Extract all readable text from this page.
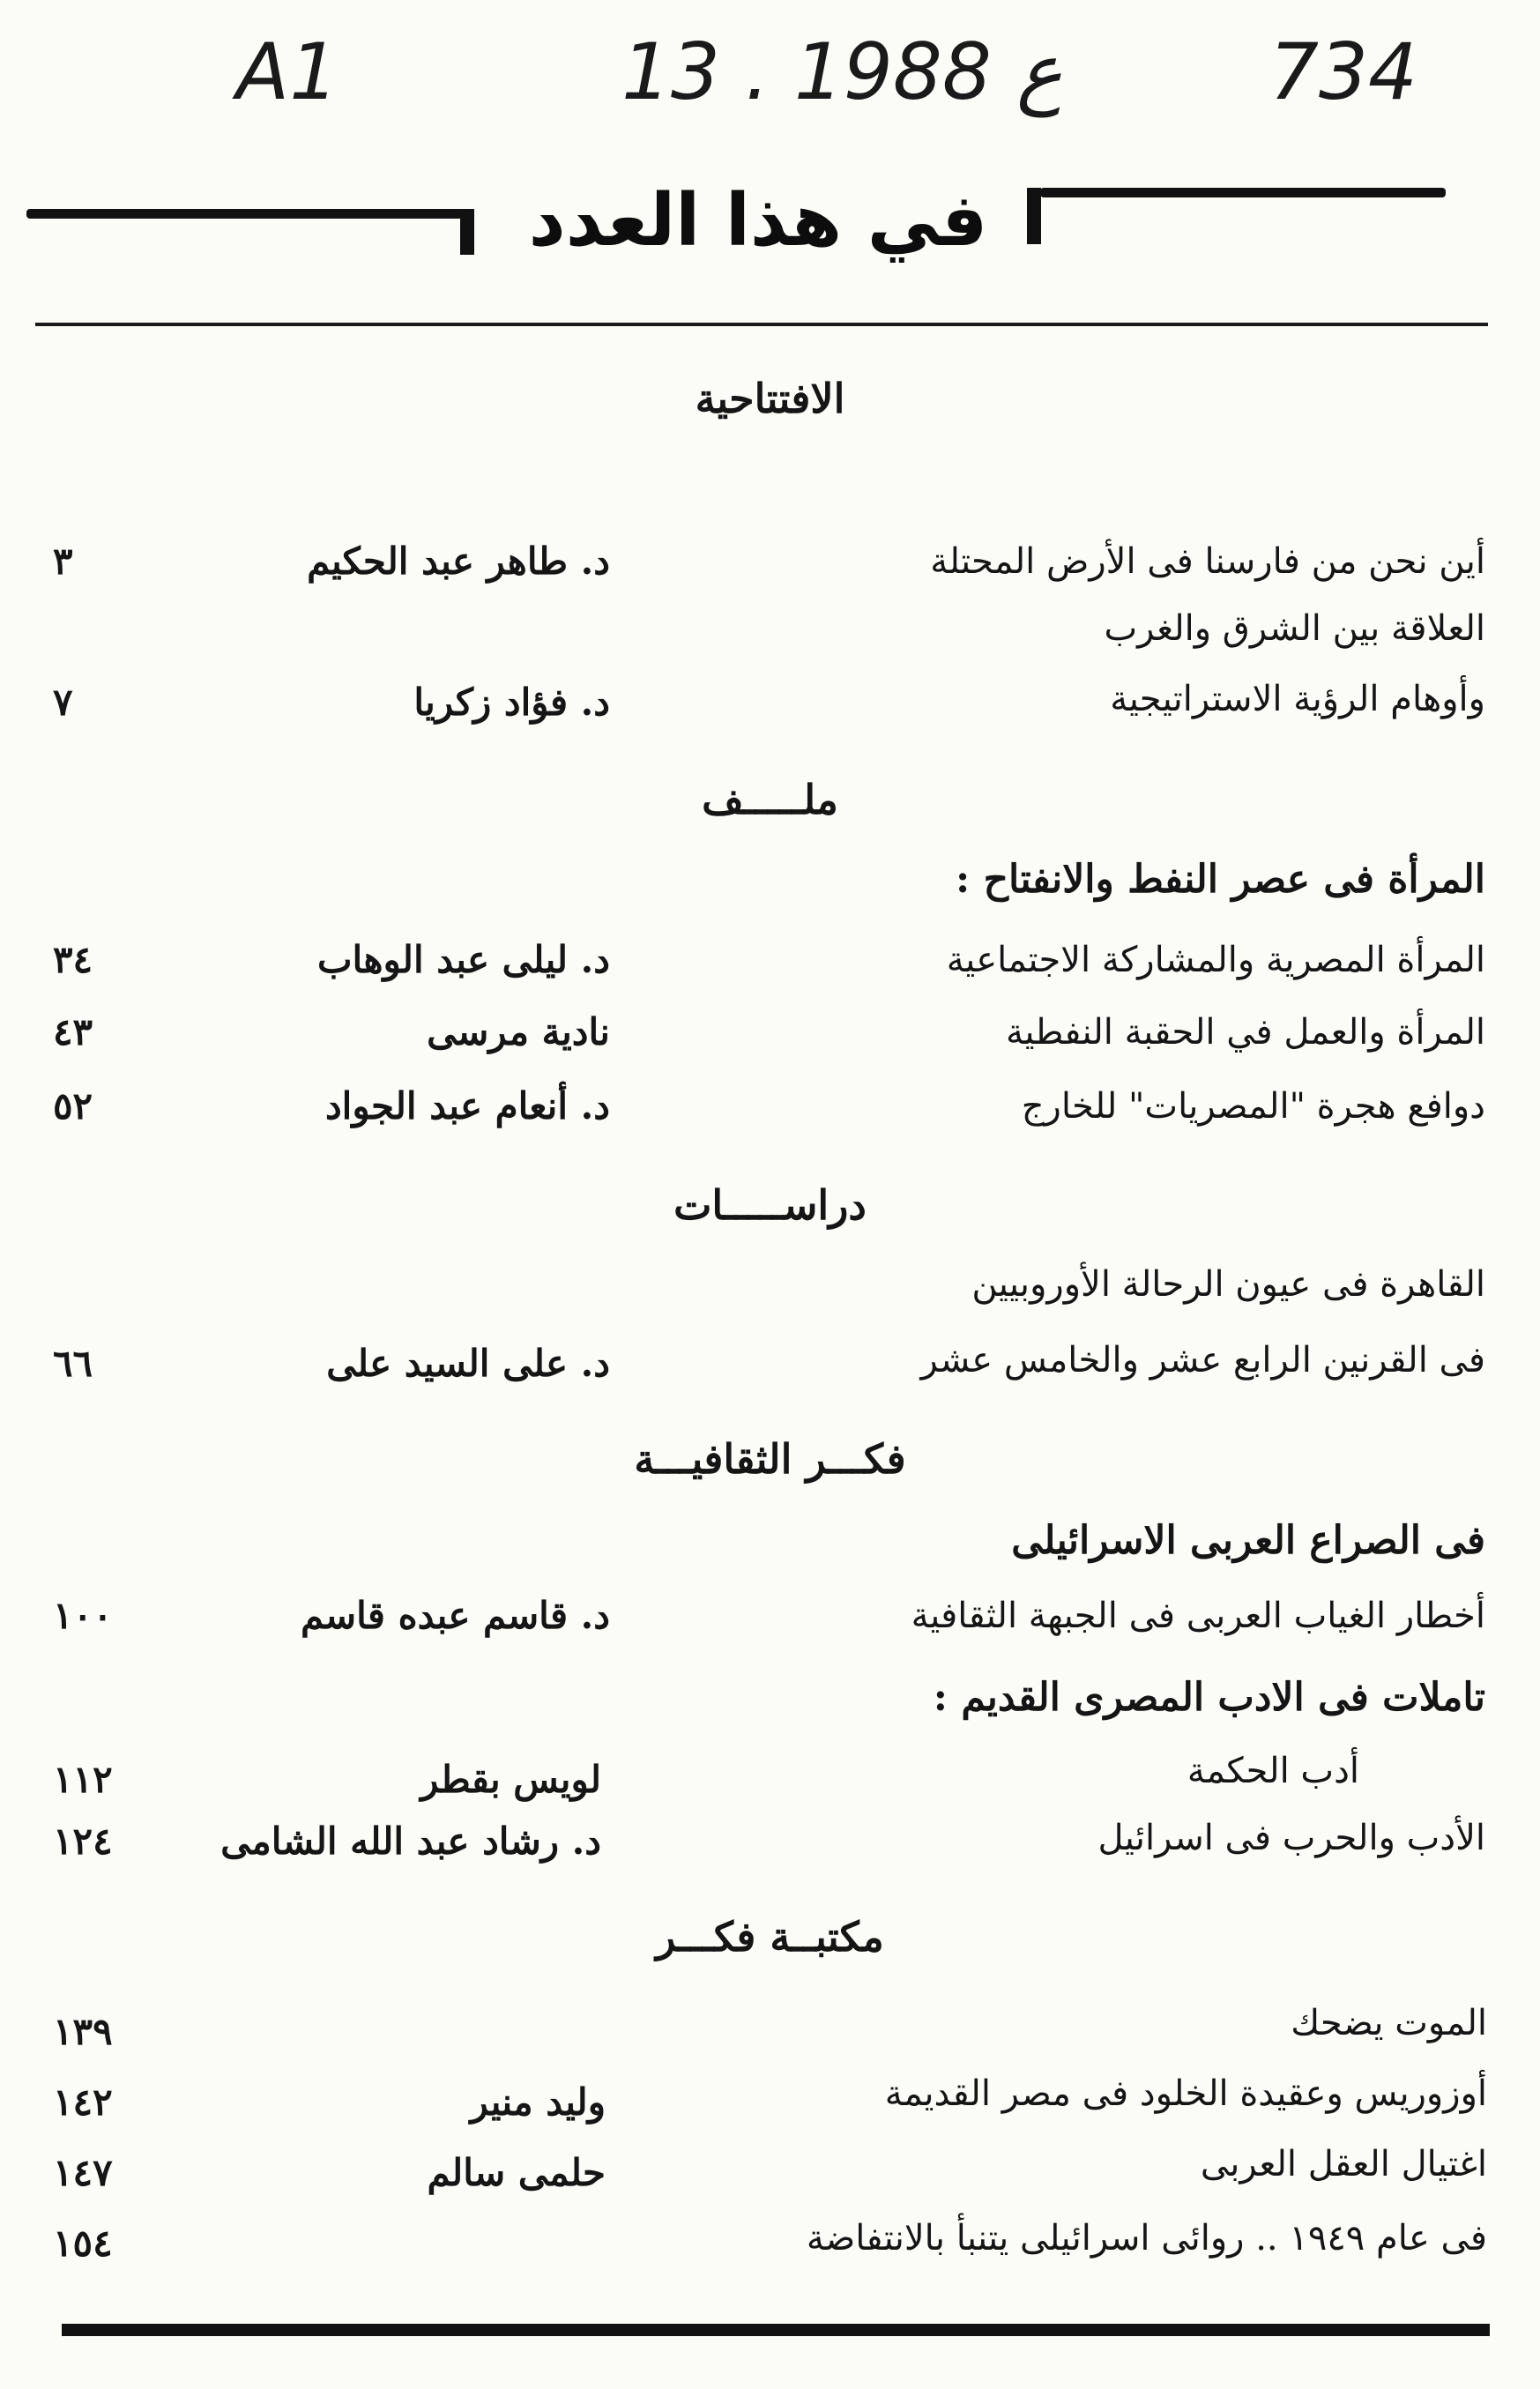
A1	13 . ع 1988	734
في هذا العدد
الافتتاحية
أين نحن من فارسنا فى الأرض المحتلة
د. طاهر عبد الحكيم
٣
العلاقة بين الشرق والغرب
وأوهام الرؤية الاستراتيجية
د. فؤاد زكريا
٧
ملـــــف
المرأة فى عصر النفط والانفتاح :
المرأة المصرية والمشاركة الاجتماعية
د. ليلى عبد الوهاب
٣٤
المرأة والعمل في الحقبة النفطية
نادية مرسى
٤٣
دوافع هجرة "المصريات" للخارج
د. أنعام عبد الجواد
٥٢
دراســـــات
القاهرة فى عيون الرحالة الأوروبيين
فى القرنين الرابع عشر والخامس عشر
د. على السيد على
٦٦
فكـــر الثقافيـــة
فى الصراع العربى الاسرائيلى
أخطار الغياب العربى فى الجبهة الثقافية
د. قاسم عبده قاسم
١٠٠
تاملات فى الادب المصرى القديم :
أدب الحكمة
لويس بقطر
١١٢
الأدب والحرب فى اسرائيل
د. رشاد عبد الله الشامى
١٢٤
مكتبــة فكـــر
الموت يضحك
١٣٩
أوزوريس وعقيدة الخلود فى مصر القديمة
وليد منير
١٤٢
اغتيال العقل العربى
حلمى سالم
١٤٧
فى عام ١٩٤٩ .. روائى اسرائيلى يتنبأ بالانتفاضة
١٥٤
